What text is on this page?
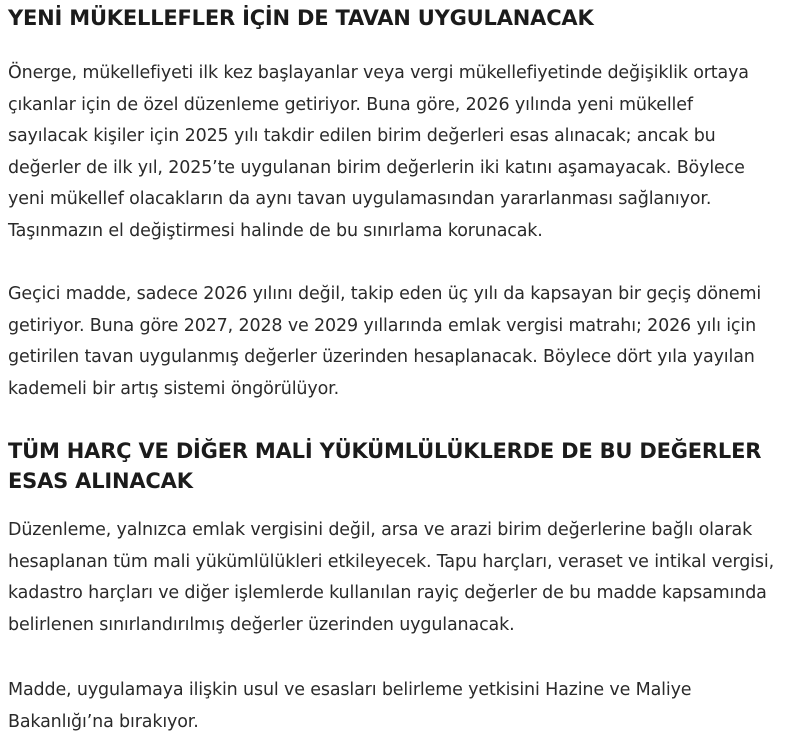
YENİ MÜKELLEFLER İÇİN DE TAVAN UYGULANACAK

Önerge, mükellefiyeti ilk kez başlayanlar veya vergi mükellefiyetinde değişiklik ortaya çıkanlar için de özel düzenleme getiriyor. Buna göre, 2026 yılında yeni mükellef sayılacak kişiler için 2025 yılı takdir edilen birim değerleri esas alınacak; ancak bu değerler de ilk yıl, 2025’te uygulanan birim değerlerin iki katını aşamayacak. Böylece yeni mükellef olacakların da aynı tavan uygulamasından yararlanması sağlanıyor. Taşınmazın el değiştirmesi halinde de bu sınırlama korunacak.

Geçici madde, sadece 2026 yılını değil, takip eden üç yılı da kapsayan bir geçiş dönemi getiriyor. Buna göre 2027, 2028 ve 2029 yıllarında emlak vergisi matrahı; 2026 yılı için getirilen tavan uygulanmış değerler üzerinden hesaplanacak. Böylece dört yıla yayılan kademeli bir artış sistemi öngörülüyor.

TÜM HARÇ VE DİĞER MALİ YÜKÜMLÜLÜKLERDE DE BU DEĞERLER ESAS ALINACAK

Düzenleme, yalnızca emlak vergisini değil, arsa ve arazi birim değerlerine bağlı olarak hesaplanan tüm mali yükümlülükleri etkileyecek. Tapu harçları, veraset ve intikal vergisi, kadastro harçları ve diğer işlemlerde kullanılan rayiç değerler de bu madde kapsamında belirlenen sınırlandırılmış değerler üzerinden uygulanacak.

Madde, uygulamaya ilişkin usul ve esasları belirleme yetkisini Hazine ve Maliye Bakanlığı’na bırakıyor.
